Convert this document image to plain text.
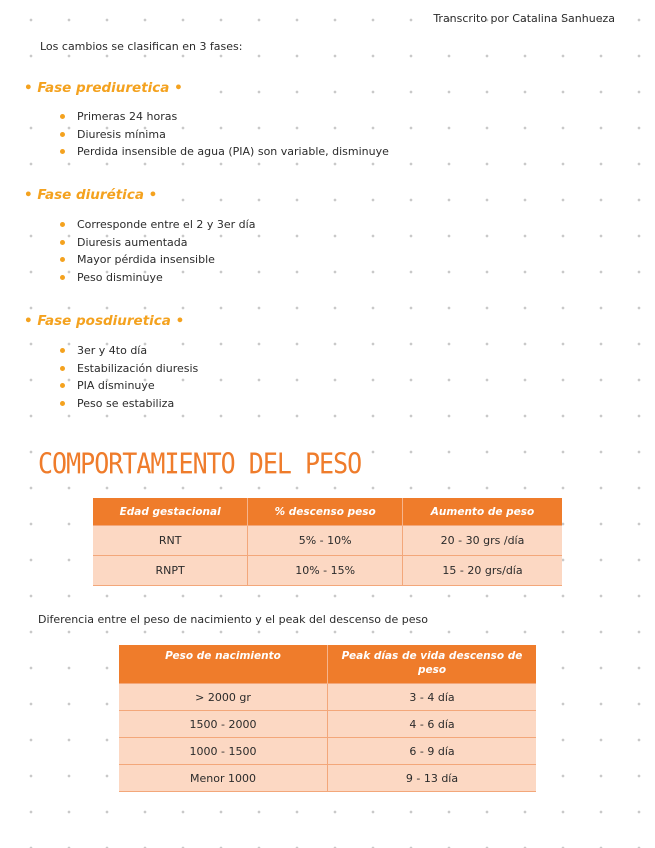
Transcrito por Catalina Sanhueza
Los cambios se clasifican en 3 fases:
• Fase prediuretica •
Primeras 24 horas
Diuresis mínima
Perdida insensible de agua (PIA) son variable, disminuye
• Fase diurética •
Corresponde entre el 2 y 3er día
Diuresis aumentada
Mayor pérdida insensible
Peso disminuye
• Fase posdiuretica •
3er y 4to día
Estabilización diuresis
PIA disminuye
Peso se estabiliza
COMPORTAMIENTO DEL PESO
Edad gestacional	% descenso peso	Aumento de peso
RNT	5% - 10%	20 - 30 grs /día
RNPT	10% - 15%	15 - 20 grs/día
Diferencia entre el peso de nacimiento y el peak del descenso de peso
Peso de nacimiento	Peak días de vida descenso de peso
> 2000 gr	3 - 4 día
1500 - 2000	4 - 6 día
1000 - 1500	6 - 9 día
Menor 1000	9 - 13 día
